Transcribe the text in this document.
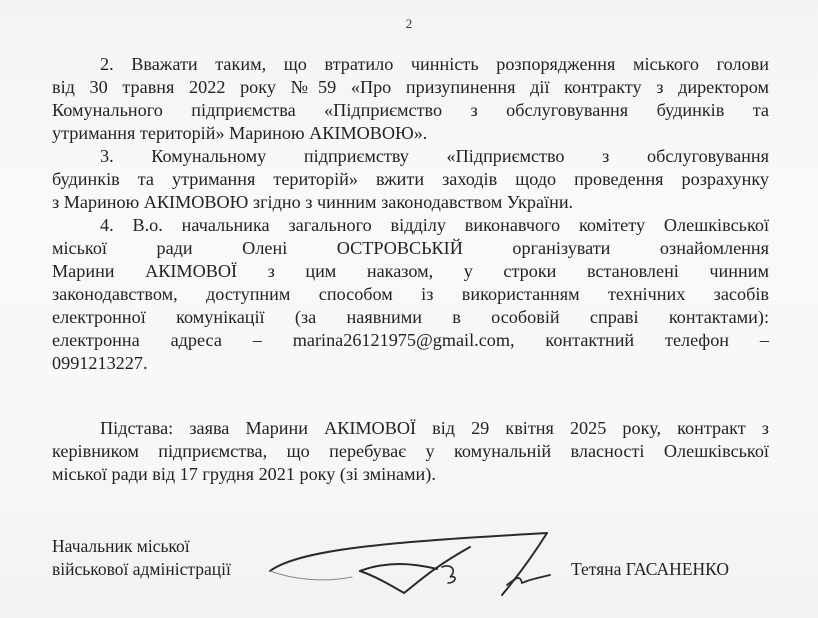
2
2. Вважати таким, що втратило чинність розпорядження міського голови
від 30 травня 2022 року №59 «Про призупинення дії контракту з директором
Комунального підприємства «Підприємство з обслуговування будинків та
утримання територій» Мариною АКІМОВОЮ».
3. Комунальному підприємству «Підприємство з обслуговування
будинків та утримання територій» вжити заходів щодо проведення розрахунку
з Мариною АКІМОВОЮ згідно з чинним законодавством України.
4. В.о. начальника загального відділу виконавчого комітету Олешківської
міської ради Олені ОСТРОВСЬКІЙ організувати ознайомлення
Марини АКІМОВОЇ з цим наказом, у строки встановлені чинним
законодавством, доступним способом із використанням технічних засобів
електронної комунікації (за наявними в особовій справі контактами):
електронна адреса – marina26121975@gmail.com, контактний телефон –
0991213227.
Підстава: заява Марини АКІМОВОЇ від 29 квітня 2025 року, контракт з
керівником підприємства, що перебуває у комунальній власності Олешківської
міської ради від 17 грудня 2021 року (зі змінами).
Начальник міської
військової адміністрації	Тетяна ГАСАНЕНКО
